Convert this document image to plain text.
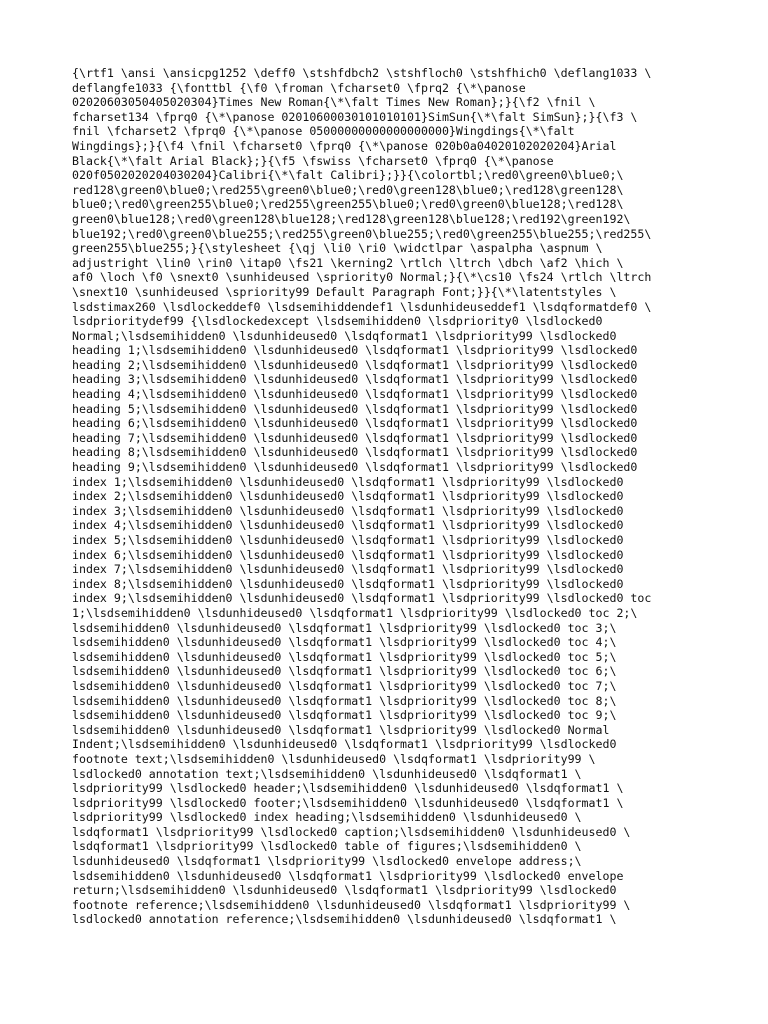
{\rtf1 \ansi \ansicpg1252 \deff0 \stshfdbch2 \stshfloch0 \stshfhich0 \deflang1033 \
deflangfe1033 {\fonttbl {\f0 \froman \fcharset0 \fprq2 {\*\panose
02020603050405020304}Times New Roman{\*\falt Times New Roman};}{\f2 \fnil \
fcharset134 \fprq0 {\*\panose 02010600030101010101}SimSun{\*\falt SimSun};}{\f3 \
fnil \fcharset2 \fprq0 {\*\panose 05000000000000000000}Wingdings{\*\falt
Wingdings};}{\f4 \fnil \fcharset0 \fprq0 {\*\panose 020b0a04020102020204}Arial
Black{\*\falt Arial Black};}{\f5 \fswiss \fcharset0 \fprq0 {\*\panose
020f0502020204030204}Calibri{\*\falt Calibri};}}{\colortbl;\red0\green0\blue0;\
red128\green0\blue0;\red255\green0\blue0;\red0\green128\blue0;\red128\green128\
blue0;\red0\green255\blue0;\red255\green255\blue0;\red0\green0\blue128;\red128\
green0\blue128;\red0\green128\blue128;\red128\green128\blue128;\red192\green192\
blue192;\red0\green0\blue255;\red255\green0\blue255;\red0\green255\blue255;\red255\
green255\blue255;}{\stylesheet {\qj \li0 \ri0 \widctlpar \aspalpha \aspnum \
adjustright \lin0 \rin0 \itap0 \fs21 \kerning2 \rtlch \ltrch \dbch \af2 \hich \
af0 \loch \f0 \snext0 \sunhideused \spriority0 Normal;}{\*\cs10 \fs24 \rtlch \ltrch
\snext10 \sunhideused \spriority99 Default Paragraph Font;}}{\*\latentstyles \
lsdstimax260 \lsdlockeddef0 \lsdsemihiddendef1 \lsdunhideuseddef1 \lsdqformatdef0 \
lsdprioritydef99 {\lsdlockedexcept \lsdsemihidden0 \lsdpriority0 \lsdlocked0
Normal;\lsdsemihidden0 \lsdunhideused0 \lsdqformat1 \lsdpriority99 \lsdlocked0
heading 1;\lsdsemihidden0 \lsdunhideused0 \lsdqformat1 \lsdpriority99 \lsdlocked0
heading 2;\lsdsemihidden0 \lsdunhideused0 \lsdqformat1 \lsdpriority99 \lsdlocked0
heading 3;\lsdsemihidden0 \lsdunhideused0 \lsdqformat1 \lsdpriority99 \lsdlocked0
heading 4;\lsdsemihidden0 \lsdunhideused0 \lsdqformat1 \lsdpriority99 \lsdlocked0
heading 5;\lsdsemihidden0 \lsdunhideused0 \lsdqformat1 \lsdpriority99 \lsdlocked0
heading 6;\lsdsemihidden0 \lsdunhideused0 \lsdqformat1 \lsdpriority99 \lsdlocked0
heading 7;\lsdsemihidden0 \lsdunhideused0 \lsdqformat1 \lsdpriority99 \lsdlocked0
heading 8;\lsdsemihidden0 \lsdunhideused0 \lsdqformat1 \lsdpriority99 \lsdlocked0
heading 9;\lsdsemihidden0 \lsdunhideused0 \lsdqformat1 \lsdpriority99 \lsdlocked0
index 1;\lsdsemihidden0 \lsdunhideused0 \lsdqformat1 \lsdpriority99 \lsdlocked0
index 2;\lsdsemihidden0 \lsdunhideused0 \lsdqformat1 \lsdpriority99 \lsdlocked0
index 3;\lsdsemihidden0 \lsdunhideused0 \lsdqformat1 \lsdpriority99 \lsdlocked0
index 4;\lsdsemihidden0 \lsdunhideused0 \lsdqformat1 \lsdpriority99 \lsdlocked0
index 5;\lsdsemihidden0 \lsdunhideused0 \lsdqformat1 \lsdpriority99 \lsdlocked0
index 6;\lsdsemihidden0 \lsdunhideused0 \lsdqformat1 \lsdpriority99 \lsdlocked0
index 7;\lsdsemihidden0 \lsdunhideused0 \lsdqformat1 \lsdpriority99 \lsdlocked0
index 8;\lsdsemihidden0 \lsdunhideused0 \lsdqformat1 \lsdpriority99 \lsdlocked0
index 9;\lsdsemihidden0 \lsdunhideused0 \lsdqformat1 \lsdpriority99 \lsdlocked0 toc
1;\lsdsemihidden0 \lsdunhideused0 \lsdqformat1 \lsdpriority99 \lsdlocked0 toc 2;\
lsdsemihidden0 \lsdunhideused0 \lsdqformat1 \lsdpriority99 \lsdlocked0 toc 3;\
lsdsemihidden0 \lsdunhideused0 \lsdqformat1 \lsdpriority99 \lsdlocked0 toc 4;\
lsdsemihidden0 \lsdunhideused0 \lsdqformat1 \lsdpriority99 \lsdlocked0 toc 5;\
lsdsemihidden0 \lsdunhideused0 \lsdqformat1 \lsdpriority99 \lsdlocked0 toc 6;\
lsdsemihidden0 \lsdunhideused0 \lsdqformat1 \lsdpriority99 \lsdlocked0 toc 7;\
lsdsemihidden0 \lsdunhideused0 \lsdqformat1 \lsdpriority99 \lsdlocked0 toc 8;\
lsdsemihidden0 \lsdunhideused0 \lsdqformat1 \lsdpriority99 \lsdlocked0 toc 9;\
lsdsemihidden0 \lsdunhideused0 \lsdqformat1 \lsdpriority99 \lsdlocked0 Normal
Indent;\lsdsemihidden0 \lsdunhideused0 \lsdqformat1 \lsdpriority99 \lsdlocked0
footnote text;\lsdsemihidden0 \lsdunhideused0 \lsdqformat1 \lsdpriority99 \
lsdlocked0 annotation text;\lsdsemihidden0 \lsdunhideused0 \lsdqformat1 \
lsdpriority99 \lsdlocked0 header;\lsdsemihidden0 \lsdunhideused0 \lsdqformat1 \
lsdpriority99 \lsdlocked0 footer;\lsdsemihidden0 \lsdunhideused0 \lsdqformat1 \
lsdpriority99 \lsdlocked0 index heading;\lsdsemihidden0 \lsdunhideused0 \
lsdqformat1 \lsdpriority99 \lsdlocked0 caption;\lsdsemihidden0 \lsdunhideused0 \
lsdqformat1 \lsdpriority99 \lsdlocked0 table of figures;\lsdsemihidden0 \
lsdunhideused0 \lsdqformat1 \lsdpriority99 \lsdlocked0 envelope address;\
lsdsemihidden0 \lsdunhideused0 \lsdqformat1 \lsdpriority99 \lsdlocked0 envelope
return;\lsdsemihidden0 \lsdunhideused0 \lsdqformat1 \lsdpriority99 \lsdlocked0
footnote reference;\lsdsemihidden0 \lsdunhideused0 \lsdqformat1 \lsdpriority99 \
lsdlocked0 annotation reference;\lsdsemihidden0 \lsdunhideused0 \lsdqformat1 \
